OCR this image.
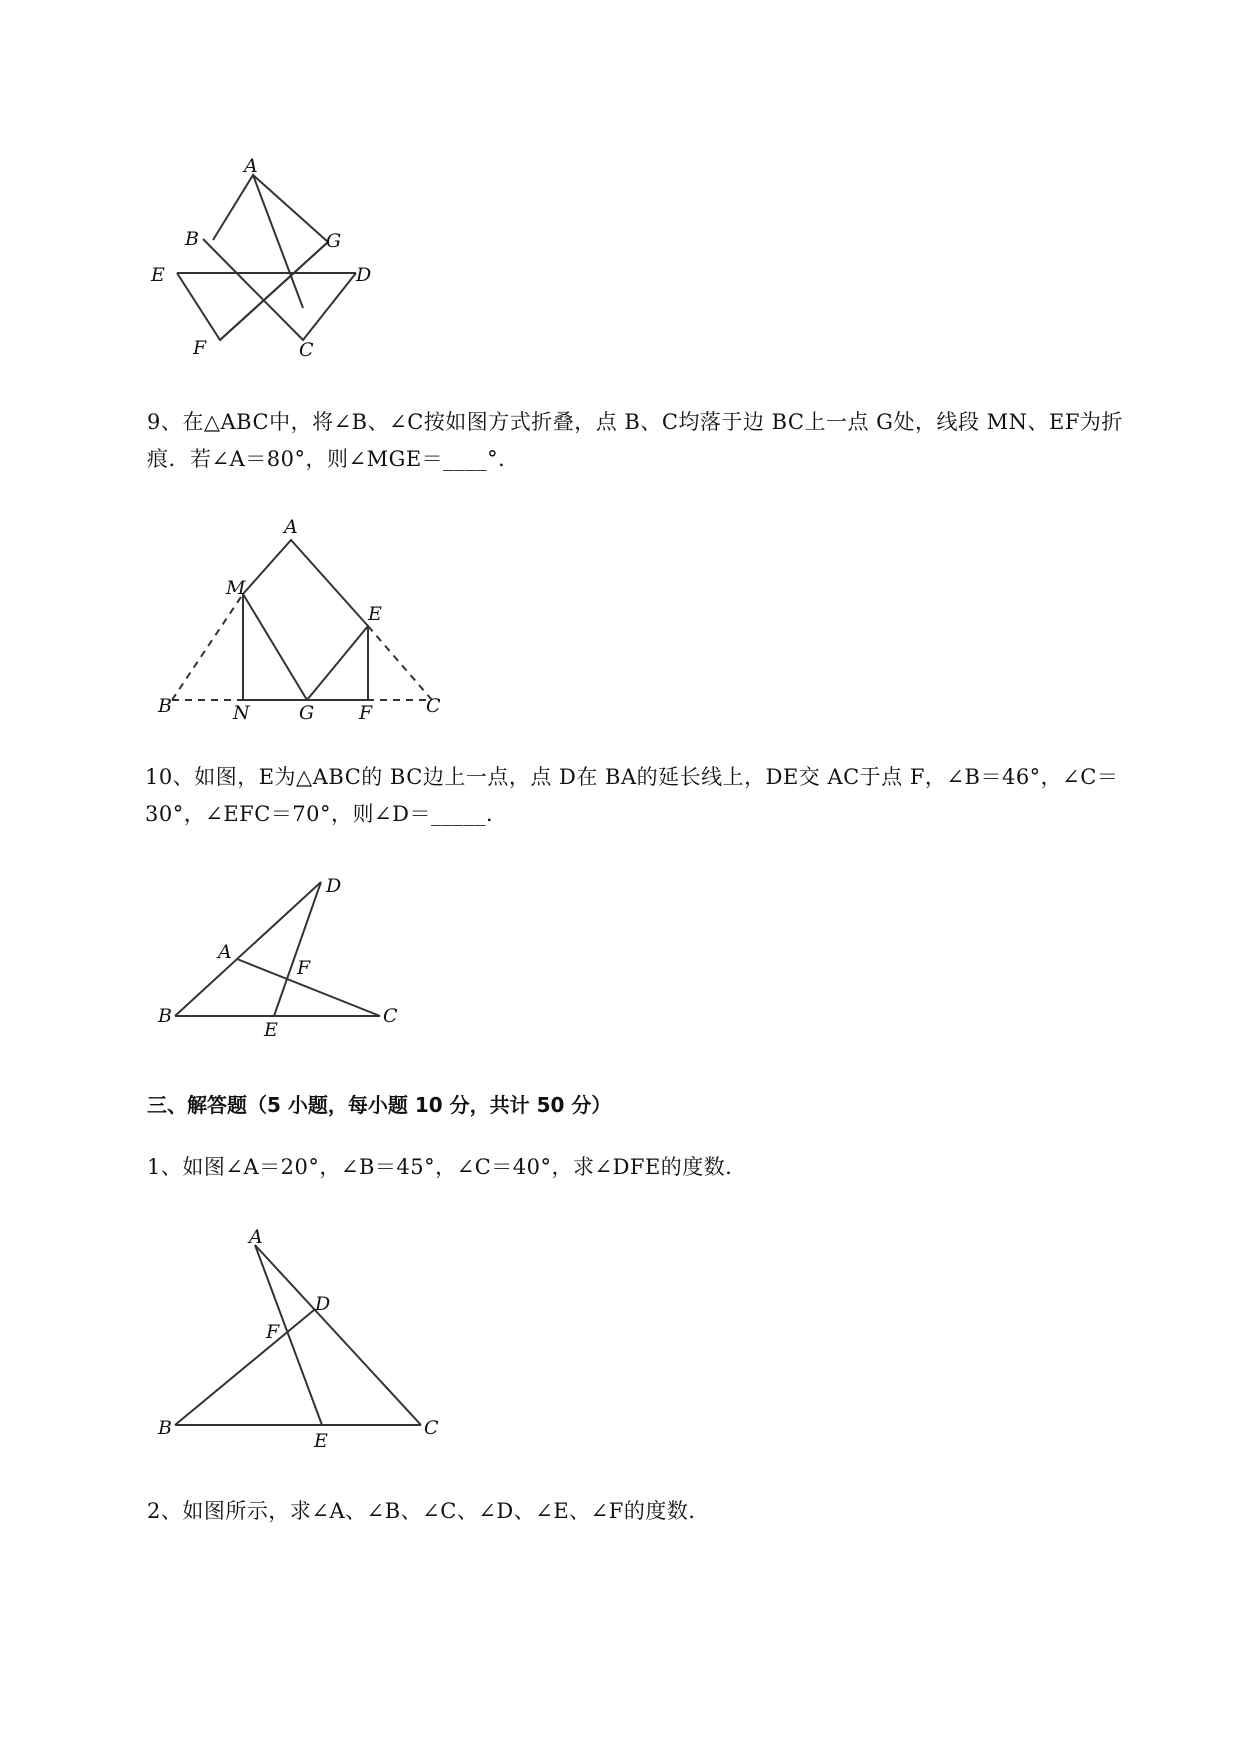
A
B	G
E	D
F	C
9、在△ABC中，将∠B、∠C按如图方式折叠，点 B、C均落于边 BC上一点 G处，线段 MN、EF为折
痕．若∠A＝80°，则∠MGE＝____°．
A
M
E
B	N	G F	C
10、如图，E为△ABC的 BC边上一点，点 D在 BA的延长线上，DE交 AC于点 F，∠B＝46°，∠C＝
30°，∠EFC＝70°，则∠D＝_____．
D
A
F
B
E
C
三、解答题（5 小题，每小题 10 分，共计 50 分）
1、如图∠A＝20°，∠B＝45°，∠C＝40°，求∠DFE的度数．
A
D
F
B
E
C
2、如图所示，求∠A、∠B、∠C、∠D、∠E、∠F的度数．
